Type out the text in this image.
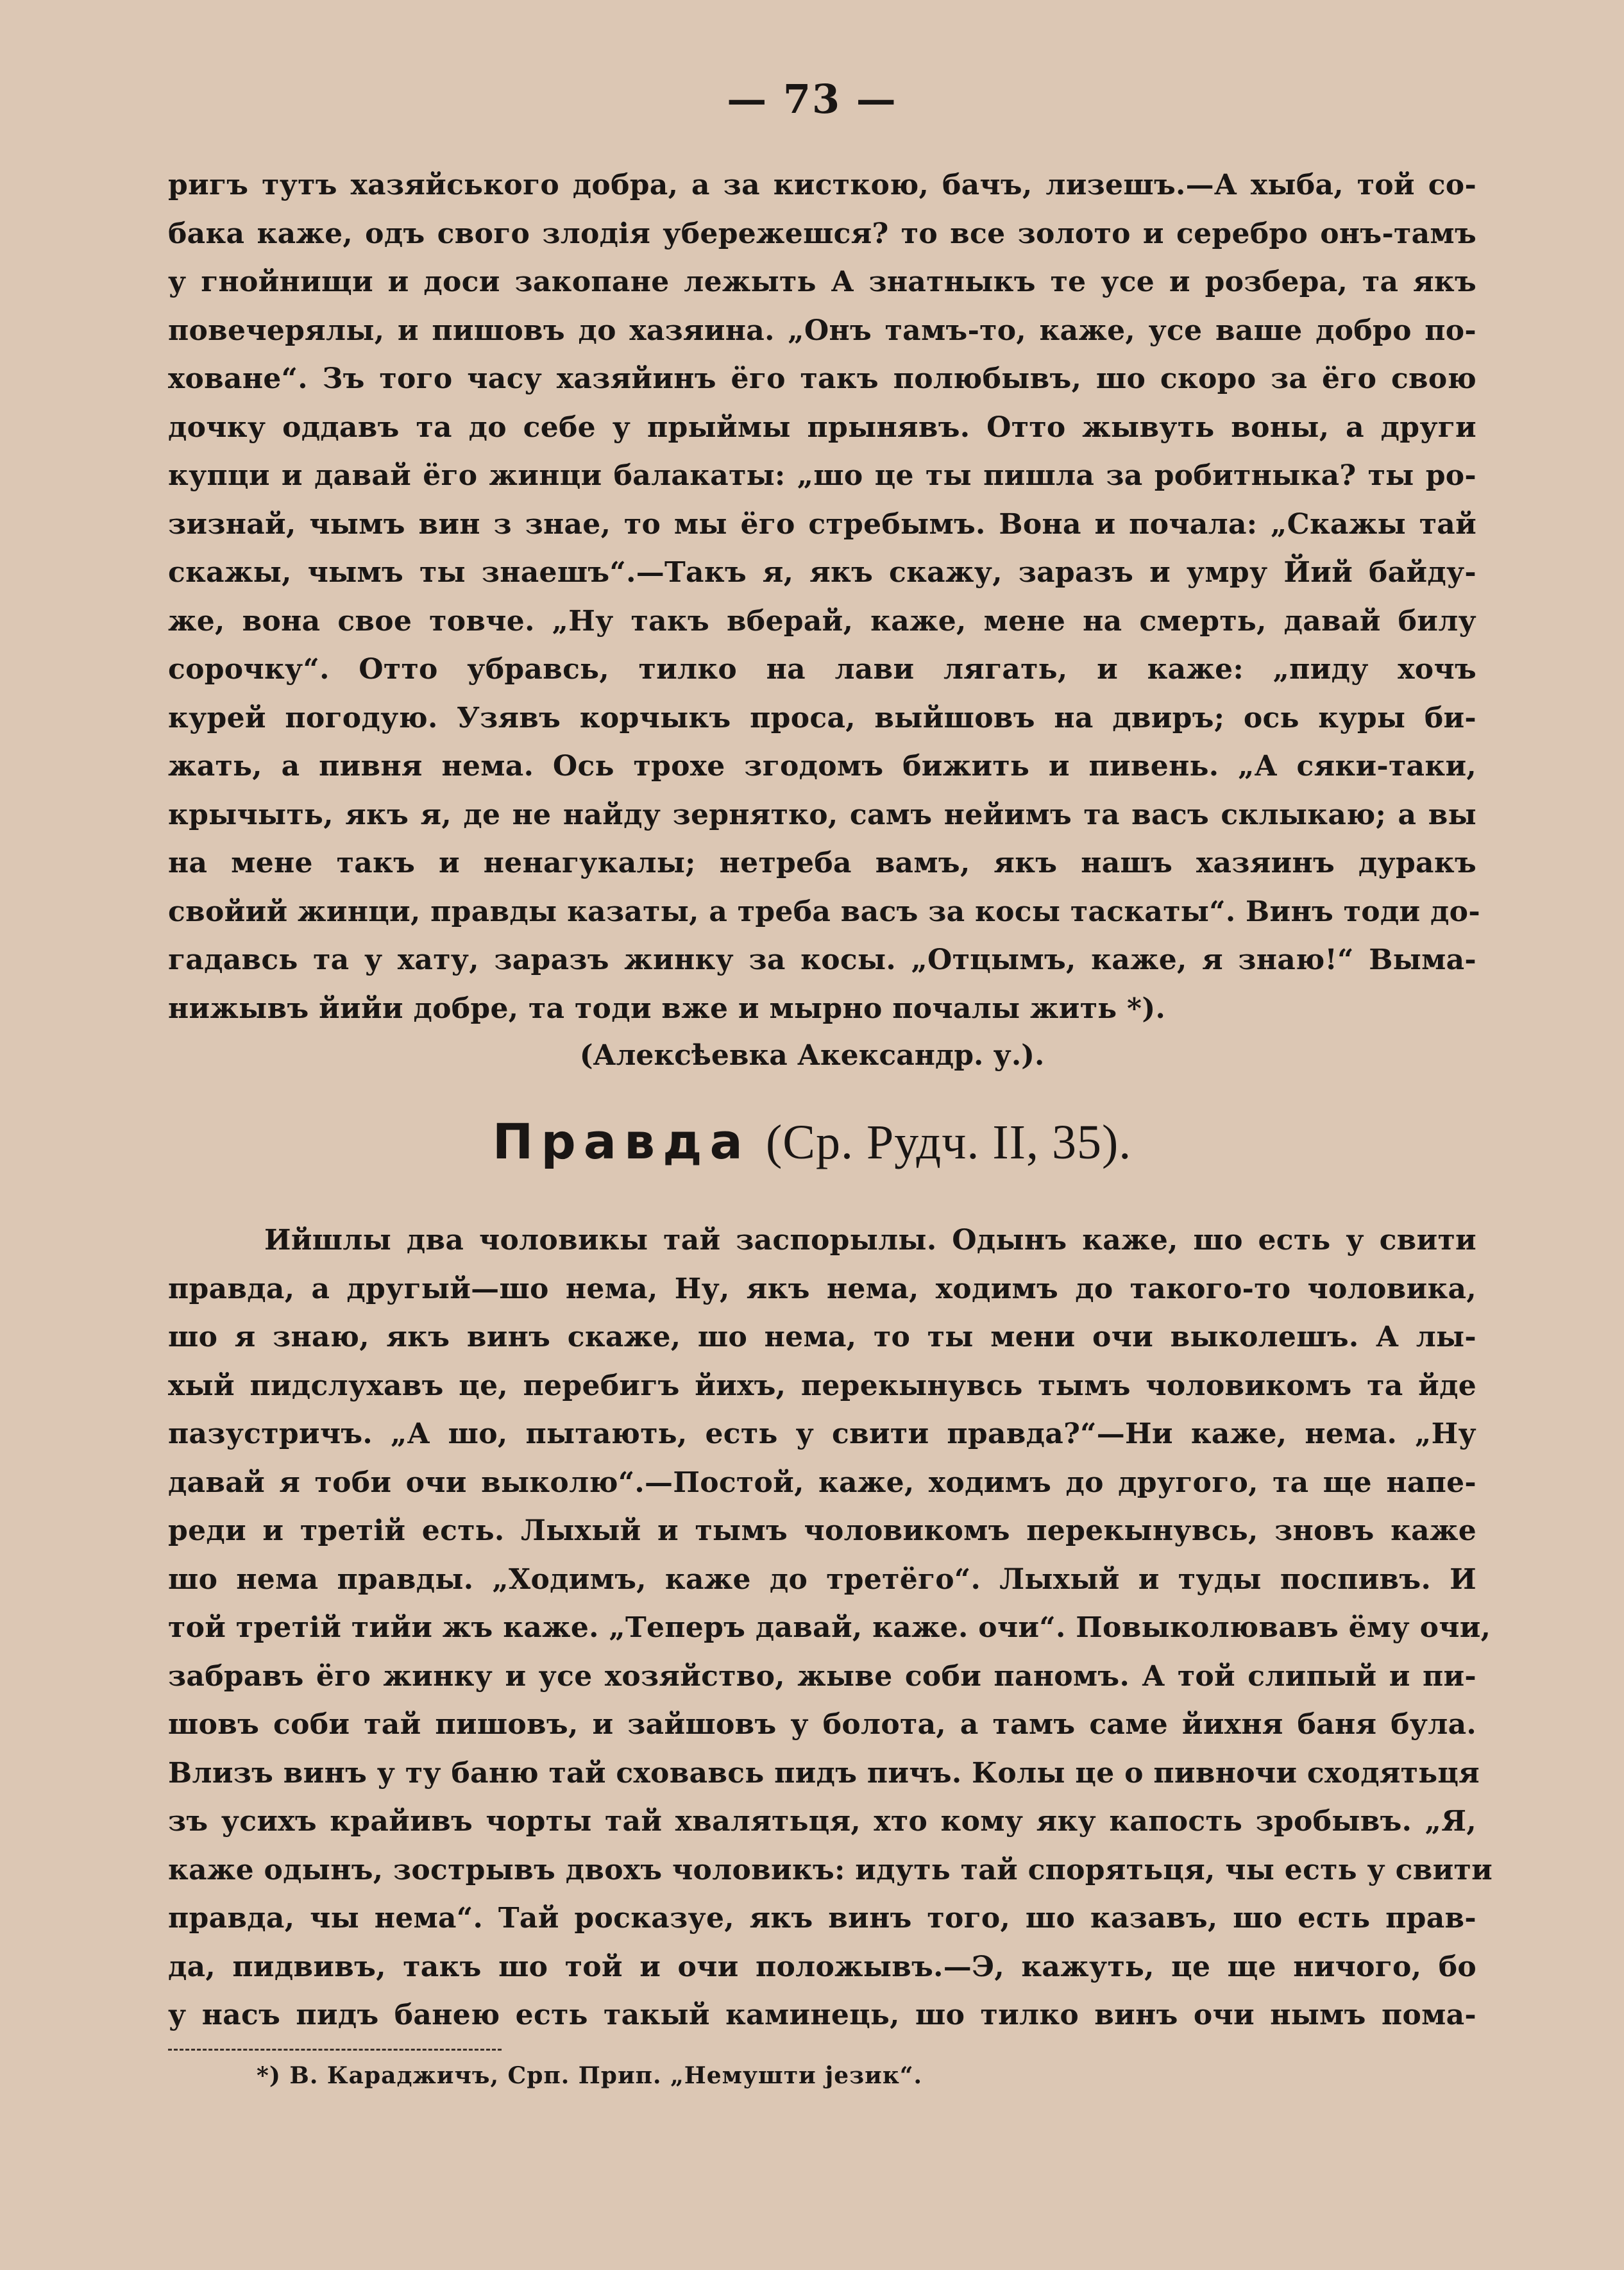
— 73 —
ригъ тутъ хазяйського добра, а за кисткою, бачъ, лизешъ.—А хыба, той со-
бака каже, одъ свого злодія убережешся? то все золото и серебро онъ-тамъ
у гнойнищи и доси закопане лежыть А знатныкъ те усе и розбера, та якъ
повечерялы, и пишовъ до хазяина. „Онъ тамъ-то, каже, усе ваше добро по-
ховане“. Зъ того часу хазяйинъ ёго такъ полюбывъ, шо скоро за ёго свою
дочку оддавъ та до себе у прыймы прынявъ. Отто жывуть воны, а други
купци и давай ёго жинци балакаты: „шо це ты пишла за робитныка? ты ро-
зизнай, чымъ вин з знае, то мы ёго стребымъ. Вона и почала: „Скажы тай
скажы, чымъ ты знаешъ“.—Такъ я, якъ скажу, заразъ и умру Йий байду-
же, вона свое товче. „Ну такъ вберай, каже, мене на смерть, давай билу
сорочку“. Отто убравсь, тилко на лави лягать, и каже: „пиду хочъ
курей погодую. Узявъ корчыкъ проса, выйшовъ на двиръ; ось куры би-
жать, а пивня нема. Ось трохе згодомъ бижить и пивень. „А сяки-таки,
крычыть, якъ я, де не найду зернятко, самъ нейимъ та васъ склыкаю; а вы
на мене такъ и ненагукалы; нетреба вамъ, якъ нашъ хазяинъ дуракъ
свойий жинци, правды казаты, а треба васъ за косы тaскаты“. Винъ тоди до-
гадавсь та у хату, заразъ жинку за косы. „Отцымъ, каже, я знаю!“ Выма-
нижывъ йийи добре, та тоди вже и мырно почалы жить *).
(Алексѣевка Акександр. у.).
Правда (Ср. Рудч. II, 35).
Ийшлы два чоловикы тай заспорылы. Одынъ каже, шо есть у свити
правда, а другый—шо нема, Ну, якъ нема, ходимъ до такого-то чоловика,
шо я знаю, якъ винъ скаже, шо нема, то ты мени очи выколешъ. А лы-
хый пидслухавъ це, перебигъ йихъ, перекынувсь тымъ чоловикомъ та йде
пазустричъ. „А шо, пытають, есть у свити правда?“—Ни каже, нема. „Ну
давай я тоби очи выколю“.—Постой, каже, ходимъ до другого, та ще напе-
реди и третій есть. Лыхый и тымъ чоловикомъ перекынувсь, зновъ каже
шо нема правды. „Ходимъ, каже до третёго“. Лыхый и туды поспивъ. И
той третій тийи жъ каже. „Теперъ давай, каже. очи“. Повыколювавъ ёму очи,
забравъ ёго жинку и усе хозяйство, жыве соби паномъ. А той слипый и пи-
шовъ соби тай пишовъ, и зайшовъ у болота, а тамъ саме йихня баня була.
Влизъ винъ у ту баню тай сховавсь пидъ пичъ. Колы це о пивночи сходятьця
зъ усихъ крайивъ чорты тай хвалятьця, хто кому яку капость зробывъ. „Я,
каже одынъ, зострывъ двохъ чоловикъ: идуть тай спорятьця, чы есть у свити
правда, чы нема“. Тай росказуе, якъ винъ того, шо казавъ, шо есть прав-
да, пидвивъ, такъ шо той и очи положывъ.—Э, кажуть, це ще ничого, бо
у насъ пидъ банею есть такый каминець, шо тилко винъ очи нымъ пома-
*) В. Караджичъ, Срп. Прип. „Немушти језик“.
